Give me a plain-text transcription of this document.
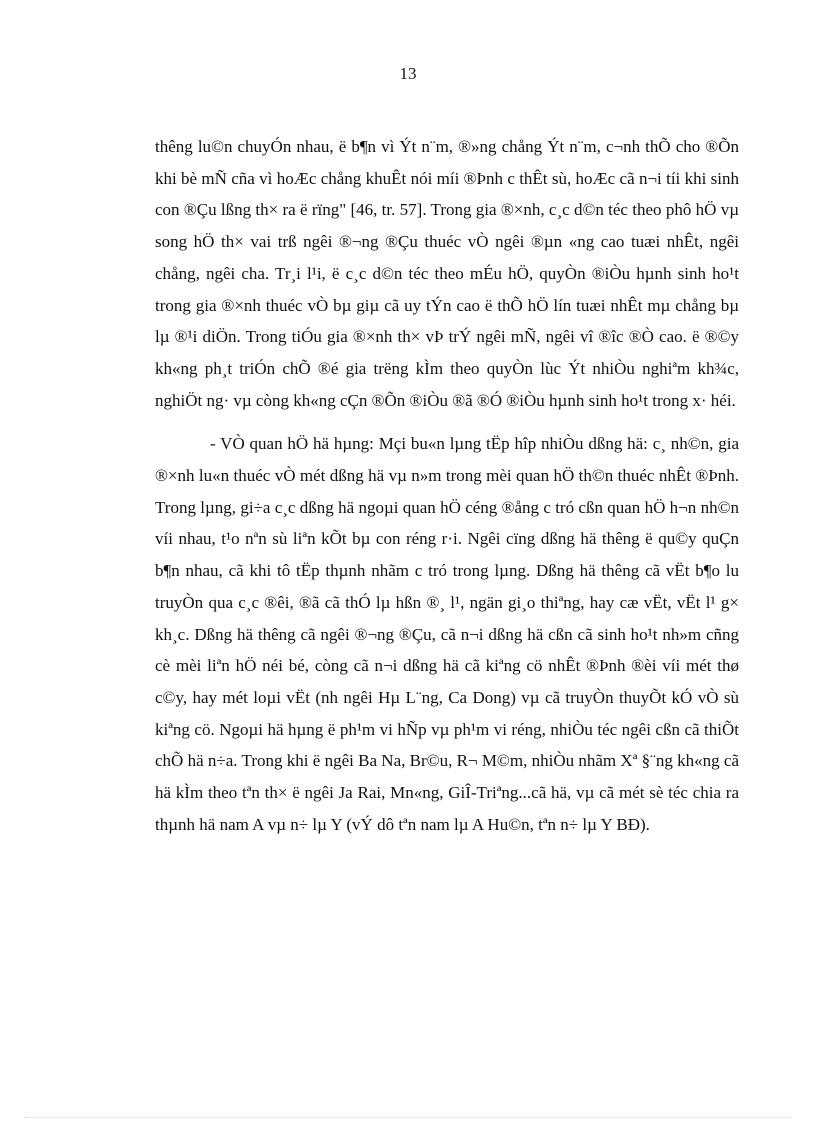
13

thêng lu©n chuyÓn nhau, ë b¶n vì Ýt n¨m, ®»ng chång Ýt n¨m, c¬nh thÕ cho ®Õn khi bè mÑ cña vì hoÆc chång khuÊt nói míi ®Þnh c thÊt sù, hoÆc cã n¬i tíi khi sinh con ®Çu lßng th× ra ë rïng" [46, tr. 57]. Trong gia ®×nh, c¸c d©n téc theo phô hÖ vµ song hÖ th× vai trß ngêi ®¬ng ®Çu thuéc vÒ ngêi ®µn «ng cao tuæi nhÊt, ngêi chång, ngêi cha. Tr¸i l¹i, ë c¸c d©n téc theo mÉu hÖ, quyÒn ®iÒu hµnh sinh ho¹t trong gia ®×nh thuéc vÒ bµ giµ cã uy tÝn cao ë thÕ hÖ lín tuæi nhÊt mµ chång bµ lµ ®¹i diÖn. Trong tiÓu gia ®×nh th× vÞ trÝ ngêi mÑ, ngêi vî ®îc ®Ò cao. ë ®©y kh«ng ph¸t triÓn chÕ ®é gia trëng kÌm theo quyÒn lùc Ýt nhiÒu nghiªm kh¾c, nghiÖt ng· vµ còng kh«ng cÇn ®Õn ®iÒu ®ã ®Ó ®iÒu hµnh sinh ho¹t trong x· héi.

- VÒ quan hÖ hä hµng: Mçi bu«n lµng tËp hîp nhiÒu dßng hä: c¸ nh©n, gia ®×nh lu«n thuéc vÒ mét dßng hä vµ n»m trong mèi quan hÖ th©n thuéc nhÊt ®Þnh. Trong lµng, gi÷a c¸c dßng hä ngoµi quan hÖ céng ®ång c tró cßn quan hÖ h¬n nh©n víi nhau, t¹o nªn sù liªn kÕt bµ con réng r·i. Ngêi cïng dßng hä thêng ë qu©y quÇn b¶n nhau, cã khi tô tËp thµnh nhãm c tró trong lµng. Dßng hä thêng cã vËt b¶o lu truyÒn qua c¸c ®êi, ®ã cã thÓ lµ hßn ®¸ l¹, ngän gi¸o thiªng, hay cæ vËt, vËt l¹ g× kh¸c. Dßng hä thêng cã ngêi ®¬ng ®Çu, cã n¬i dßng hä cßn cã sinh ho¹t nh»m cñng cè mèi liªn hÖ néi bé, còng cã n¬i dßng hä cã kiªng cö nhÊt ®Þnh ®èi víi mét thø c©y, hay mét loµi vËt (nh ngêi Hµ L¨ng, Ca Dong) vµ cã truyÒn thuyÕt kÓ vÒ sù kiªng cö. Ngoµi hä hµng ë ph¹m vi hÑp vµ ph¹m vi réng, nhiÒu téc ngêi cßn cã thiÕt chÕ hä n÷a. Trong khi ë ngêi Ba Na, Br©u, R¬ M©m, nhiÒu nhãm Xª §¨ng kh«ng cã hä kÌm theo tªn th× ë ngêi Ja Rai, Mn«ng, GiÎ-Triªng...cã hä, vµ cã mét sè téc chia ra thµnh hä nam A vµ n÷ lµ Y (vÝ dô tªn nam lµ A Hu©n, tªn n÷ lµ Y BÐ).
